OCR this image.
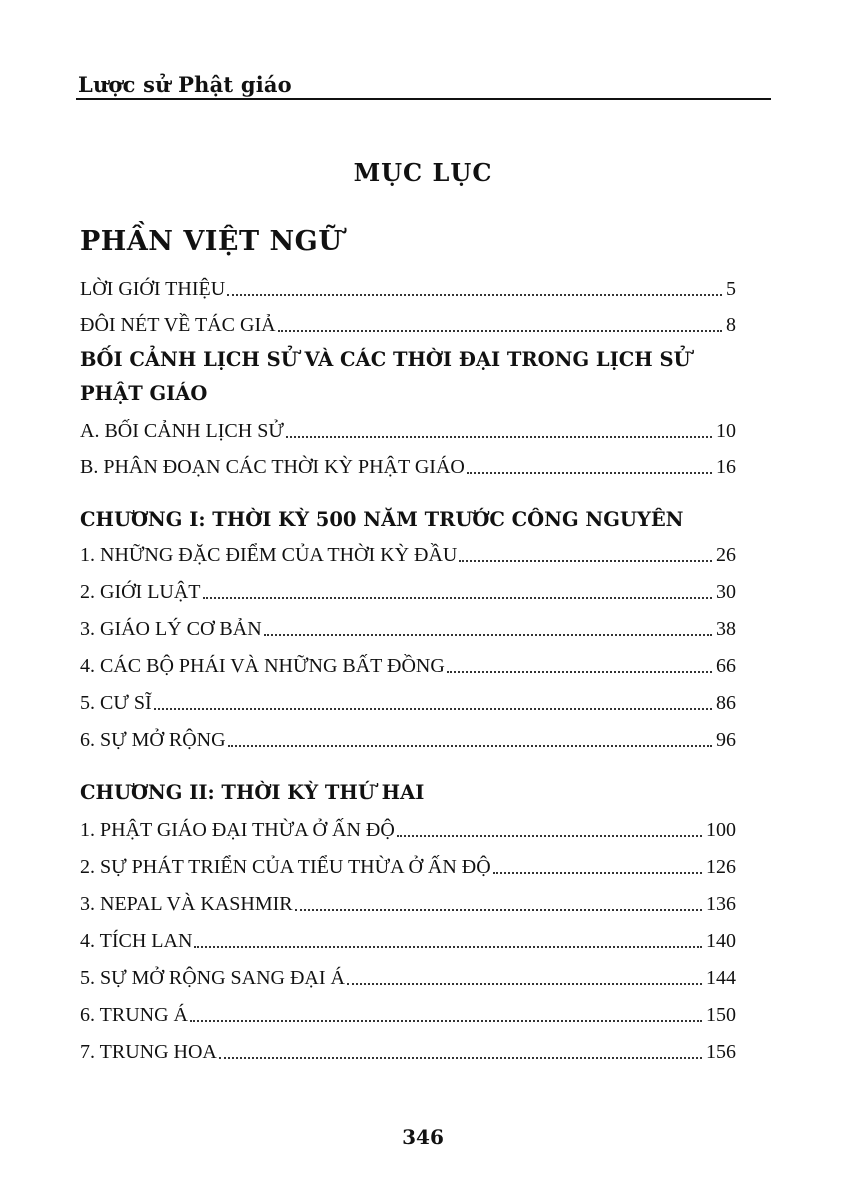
Lược sử Phật giáo
MỤC LỤC
PHẦN VIỆT NGỮ
LỜI GIỚI THIỆU	5
ĐÔI NÉT VỀ TÁC GIẢ	8
BỐI CẢNH LỊCH SỬ VÀ CÁC THỜI ĐẠI TRONG LỊCH SỬ PHẬT GIÁO
A. BỐI CẢNH LỊCH SỬ	10
B. PHÂN ĐOẠN CÁC THỜI KỲ PHẬT GIÁO	16
CHƯƠNG I: THỜI KỲ 500 NĂM TRƯỚC CÔNG NGUYÊN
1. NHỮNG ĐẶC ĐIỂM CỦA THỜI KỲ ĐẦU	26
2. GIỚI LUẬT	30
3. GIÁO LÝ CƠ BẢN	38
4. CÁC BỘ PHÁI VÀ NHỮNG BẤT ĐỒNG	66
5. CƯ SĨ	86
6. SỰ MỞ RỘNG	96
CHƯƠNG II: THỜI KỲ THỨ HAI
1. PHẬT GIÁO ĐẠI THỪA Ở ẤN ĐỘ	100
2. SỰ PHÁT TRIỂN CỦA TIỂU THỪA Ở ẤN ĐỘ	126
3. NEPAL VÀ KASHMIR	136
4. TÍCH LAN	140
5. SỰ MỞ RỘNG SANG ĐẠI Á	144
6. TRUNG Á	150
7. TRUNG HOA	156
346
